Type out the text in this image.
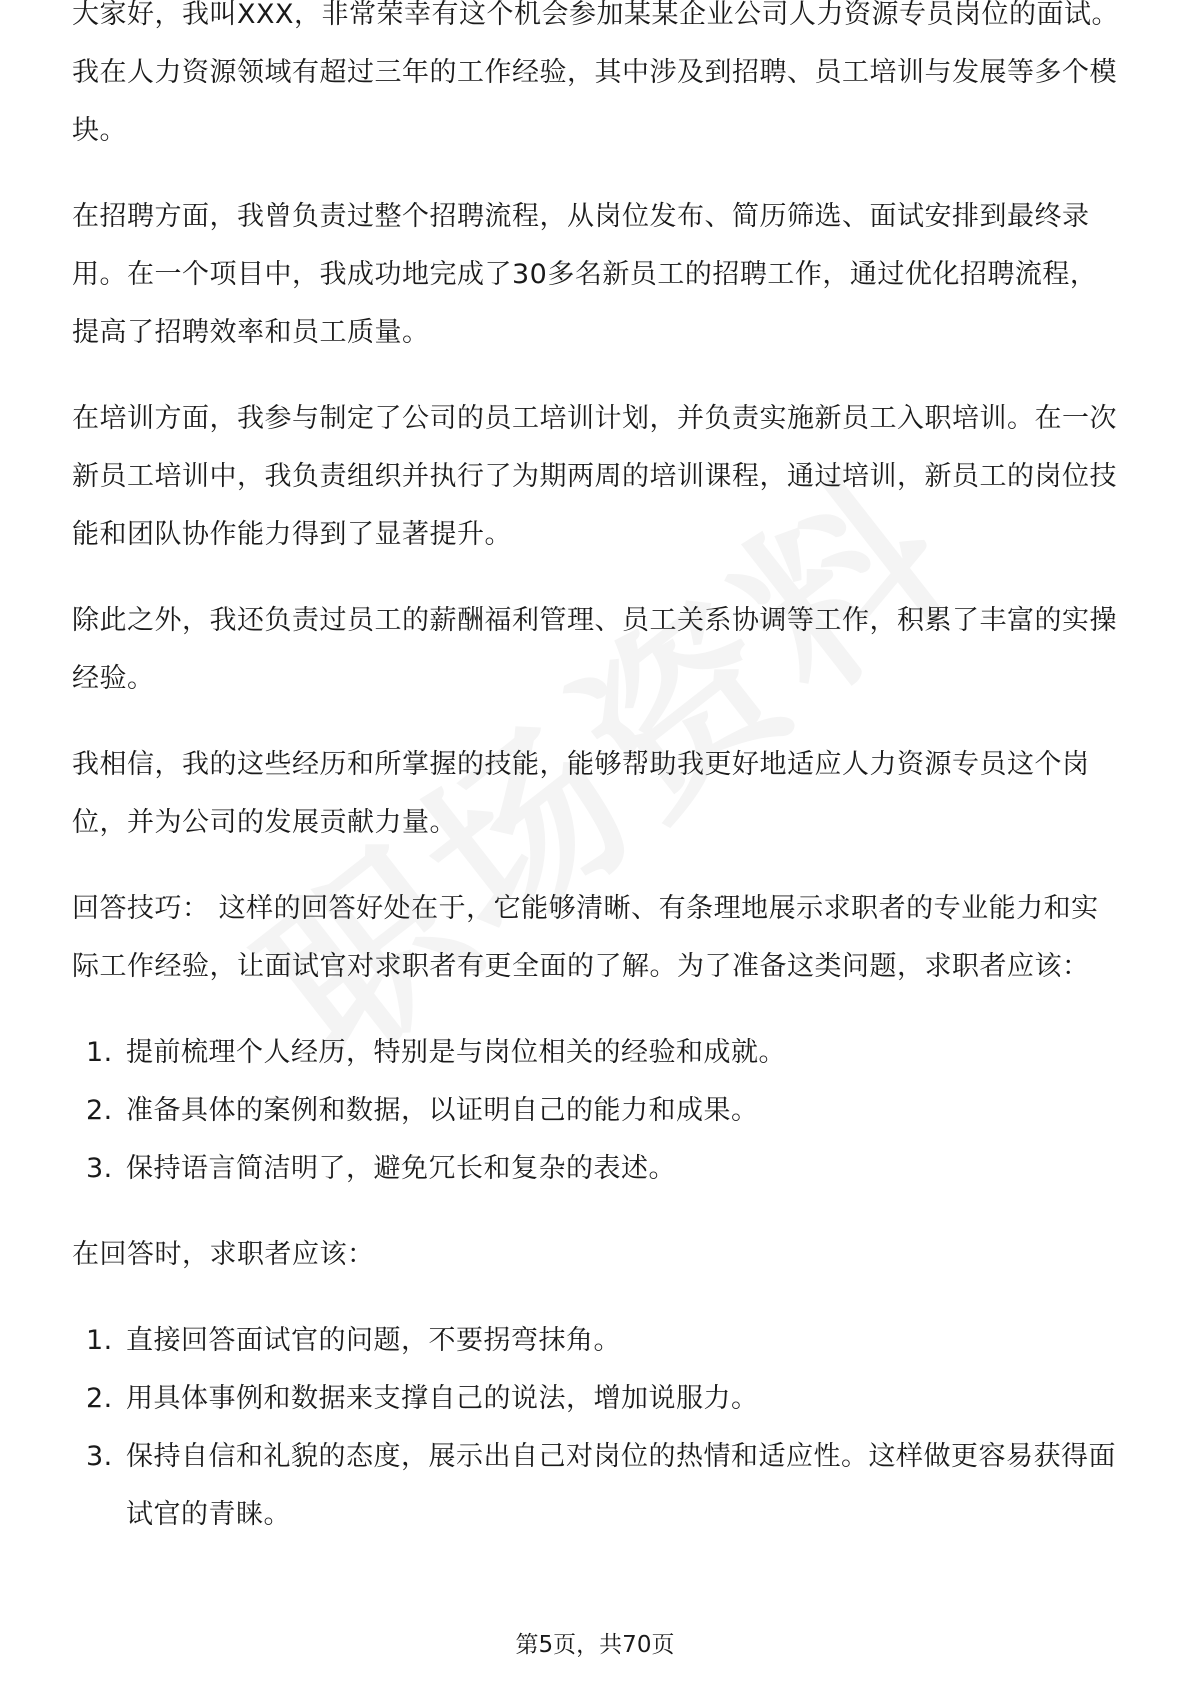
大家好，我叫XXX，非常荣幸有这个机会参加某某企业公司人力资源专员岗位的面试。我在人力资源领域有超过三年的工作经验，其中涉及到招聘、员工培训与发展等多个模块。

在招聘方面，我曾负责过整个招聘流程，从岗位发布、简历筛选、面试安排到最终录用。在一个项目中，我成功地完成了30多名新员工的招聘工作，通过优化招聘流程，提高了招聘效率和员工质量。

在培训方面，我参与制定了公司的员工培训计划，并负责实施新员工入职培训。在一次新员工培训中，我负责组织并执行了为期两周的培训课程，通过培训，新员工的岗位技能和团队协作能力得到了显著提升。

除此之外，我还负责过员工的薪酬福利管理、员工关系协调等工作，积累了丰富的实操经验。

我相信，我的这些经历和所掌握的技能，能够帮助我更好地适应人力资源专员这个岗位，并为公司的发展贡献力量。

回答技巧： 这样的回答好处在于，它能够清晰、有条理地展示求职者的专业能力和实际工作经验，让面试官对求职者有更全面的了解。为了准备这类问题，求职者应该：

1. 提前梳理个人经历，特别是与岗位相关的经验和成就。
2. 准备具体的案例和数据，以证明自己的能力和成果。
3. 保持语言简洁明了，避免冗长和复杂的表述。

在回答时，求职者应该：

1. 直接回答面试官的问题，不要拐弯抹角。
2. 用具体事例和数据来支撑自己的说法，增加说服力。
3. 保持自信和礼貌的态度，展示出自己对岗位的热情和适应性。这样做更容易获得面试官的青睐。
第5页，共70页
